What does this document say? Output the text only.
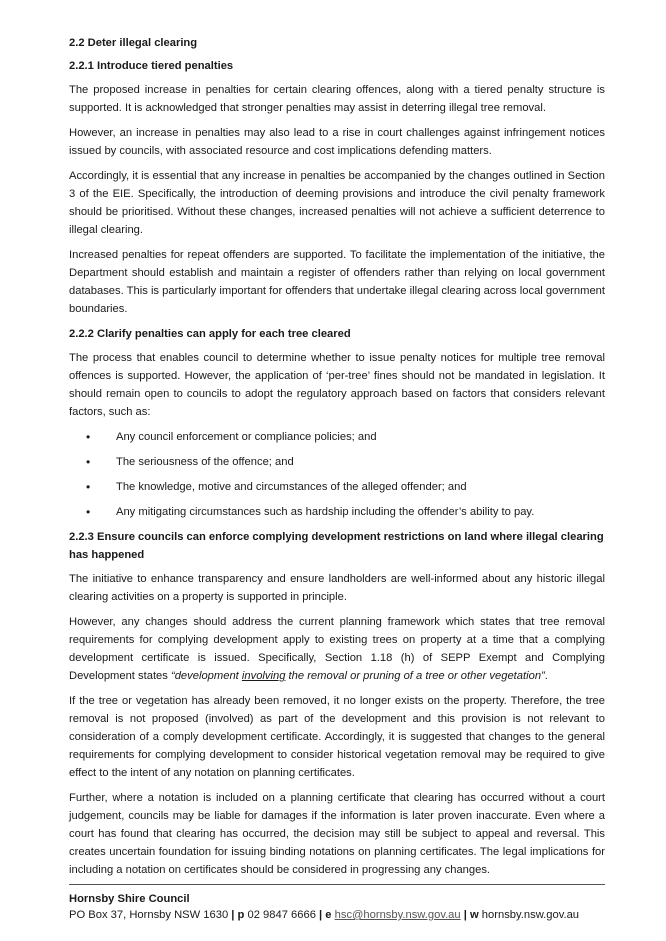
2.2 Deter illegal clearing
2.2.1 Introduce tiered penalties

The proposed increase in penalties for certain clearing offences, along with a tiered penalty structure is supported. It is acknowledged that stronger penalties may assist in deterring illegal tree removal.

However, an increase in penalties may also lead to a rise in court challenges against infringement notices issued by councils, with associated resource and cost implications defending matters.

Accordingly, it is essential that any increase in penalties be accompanied by the changes outlined in Section 3 of the EIE. Specifically, the introduction of deeming provisions and introduce the civil penalty framework should be prioritised. Without these changes, increased penalties will not achieve a sufficient deterrence to illegal clearing.

Increased penalties for repeat offenders are supported. To facilitate the implementation of the initiative, the Department should establish and maintain a register of offenders rather than relying on local government databases. This is particularly important for offenders that undertake illegal clearing across local government boundaries.

2.2.2 Clarify penalties can apply for each tree cleared

The process that enables council to determine whether to issue penalty notices for multiple tree removal offences is supported. However, the application of ‘per-tree’ fines should not be mandated in legislation. It should remain open to councils to adopt the regulatory approach based on factors that considers relevant factors, such as:

• Any council enforcement or compliance policies; and
• The seriousness of the offence; and
• The knowledge, motive and circumstances of the alleged offender; and
• Any mitigating circumstances such as hardship including the offender’s ability to pay.
2.2.3 Ensure councils can enforce complying development restrictions on land where illegal clearing has happened

The initiative to enhance transparency and ensure landholders are well-informed about any historic illegal clearing activities on a property is supported in principle.

However, any changes should address the current planning framework which states that tree removal requirements for complying development apply to existing trees on property at a time that a complying development certificate is issued. Specifically, Section 1.18 (h) of SEPP Exempt and Complying Development states “development involving the removal or pruning of a tree or other vegetation”.

If the tree or vegetation has already been removed, it no longer exists on the property. Therefore, the tree removal is not proposed (involved) as part of the development and this provision is not relevant to consideration of a comply development certificate. Accordingly, it is suggested that changes to the general requirements for complying development to consider historical vegetation removal may be required to give effect to the intent of any notation on planning certificates.

Further, where a notation is included on a planning certificate that clearing has occurred without a court judgement, councils may be liable for damages if the information is later proven inaccurate. Even where a court has found that clearing has occurred, the decision may still be subject to appeal and reversal. This creates uncertain foundation for issuing binding notations on planning certificates. The legal implications for including a notation on certificates should be considered in progressing any changes.

Hornsby Shire Council
PO Box 37, Hornsby NSW 1630 | p 02 9847 6666 | e hsc@hornsby.nsw.gov.au | w hornsby.nsw.gov.au
